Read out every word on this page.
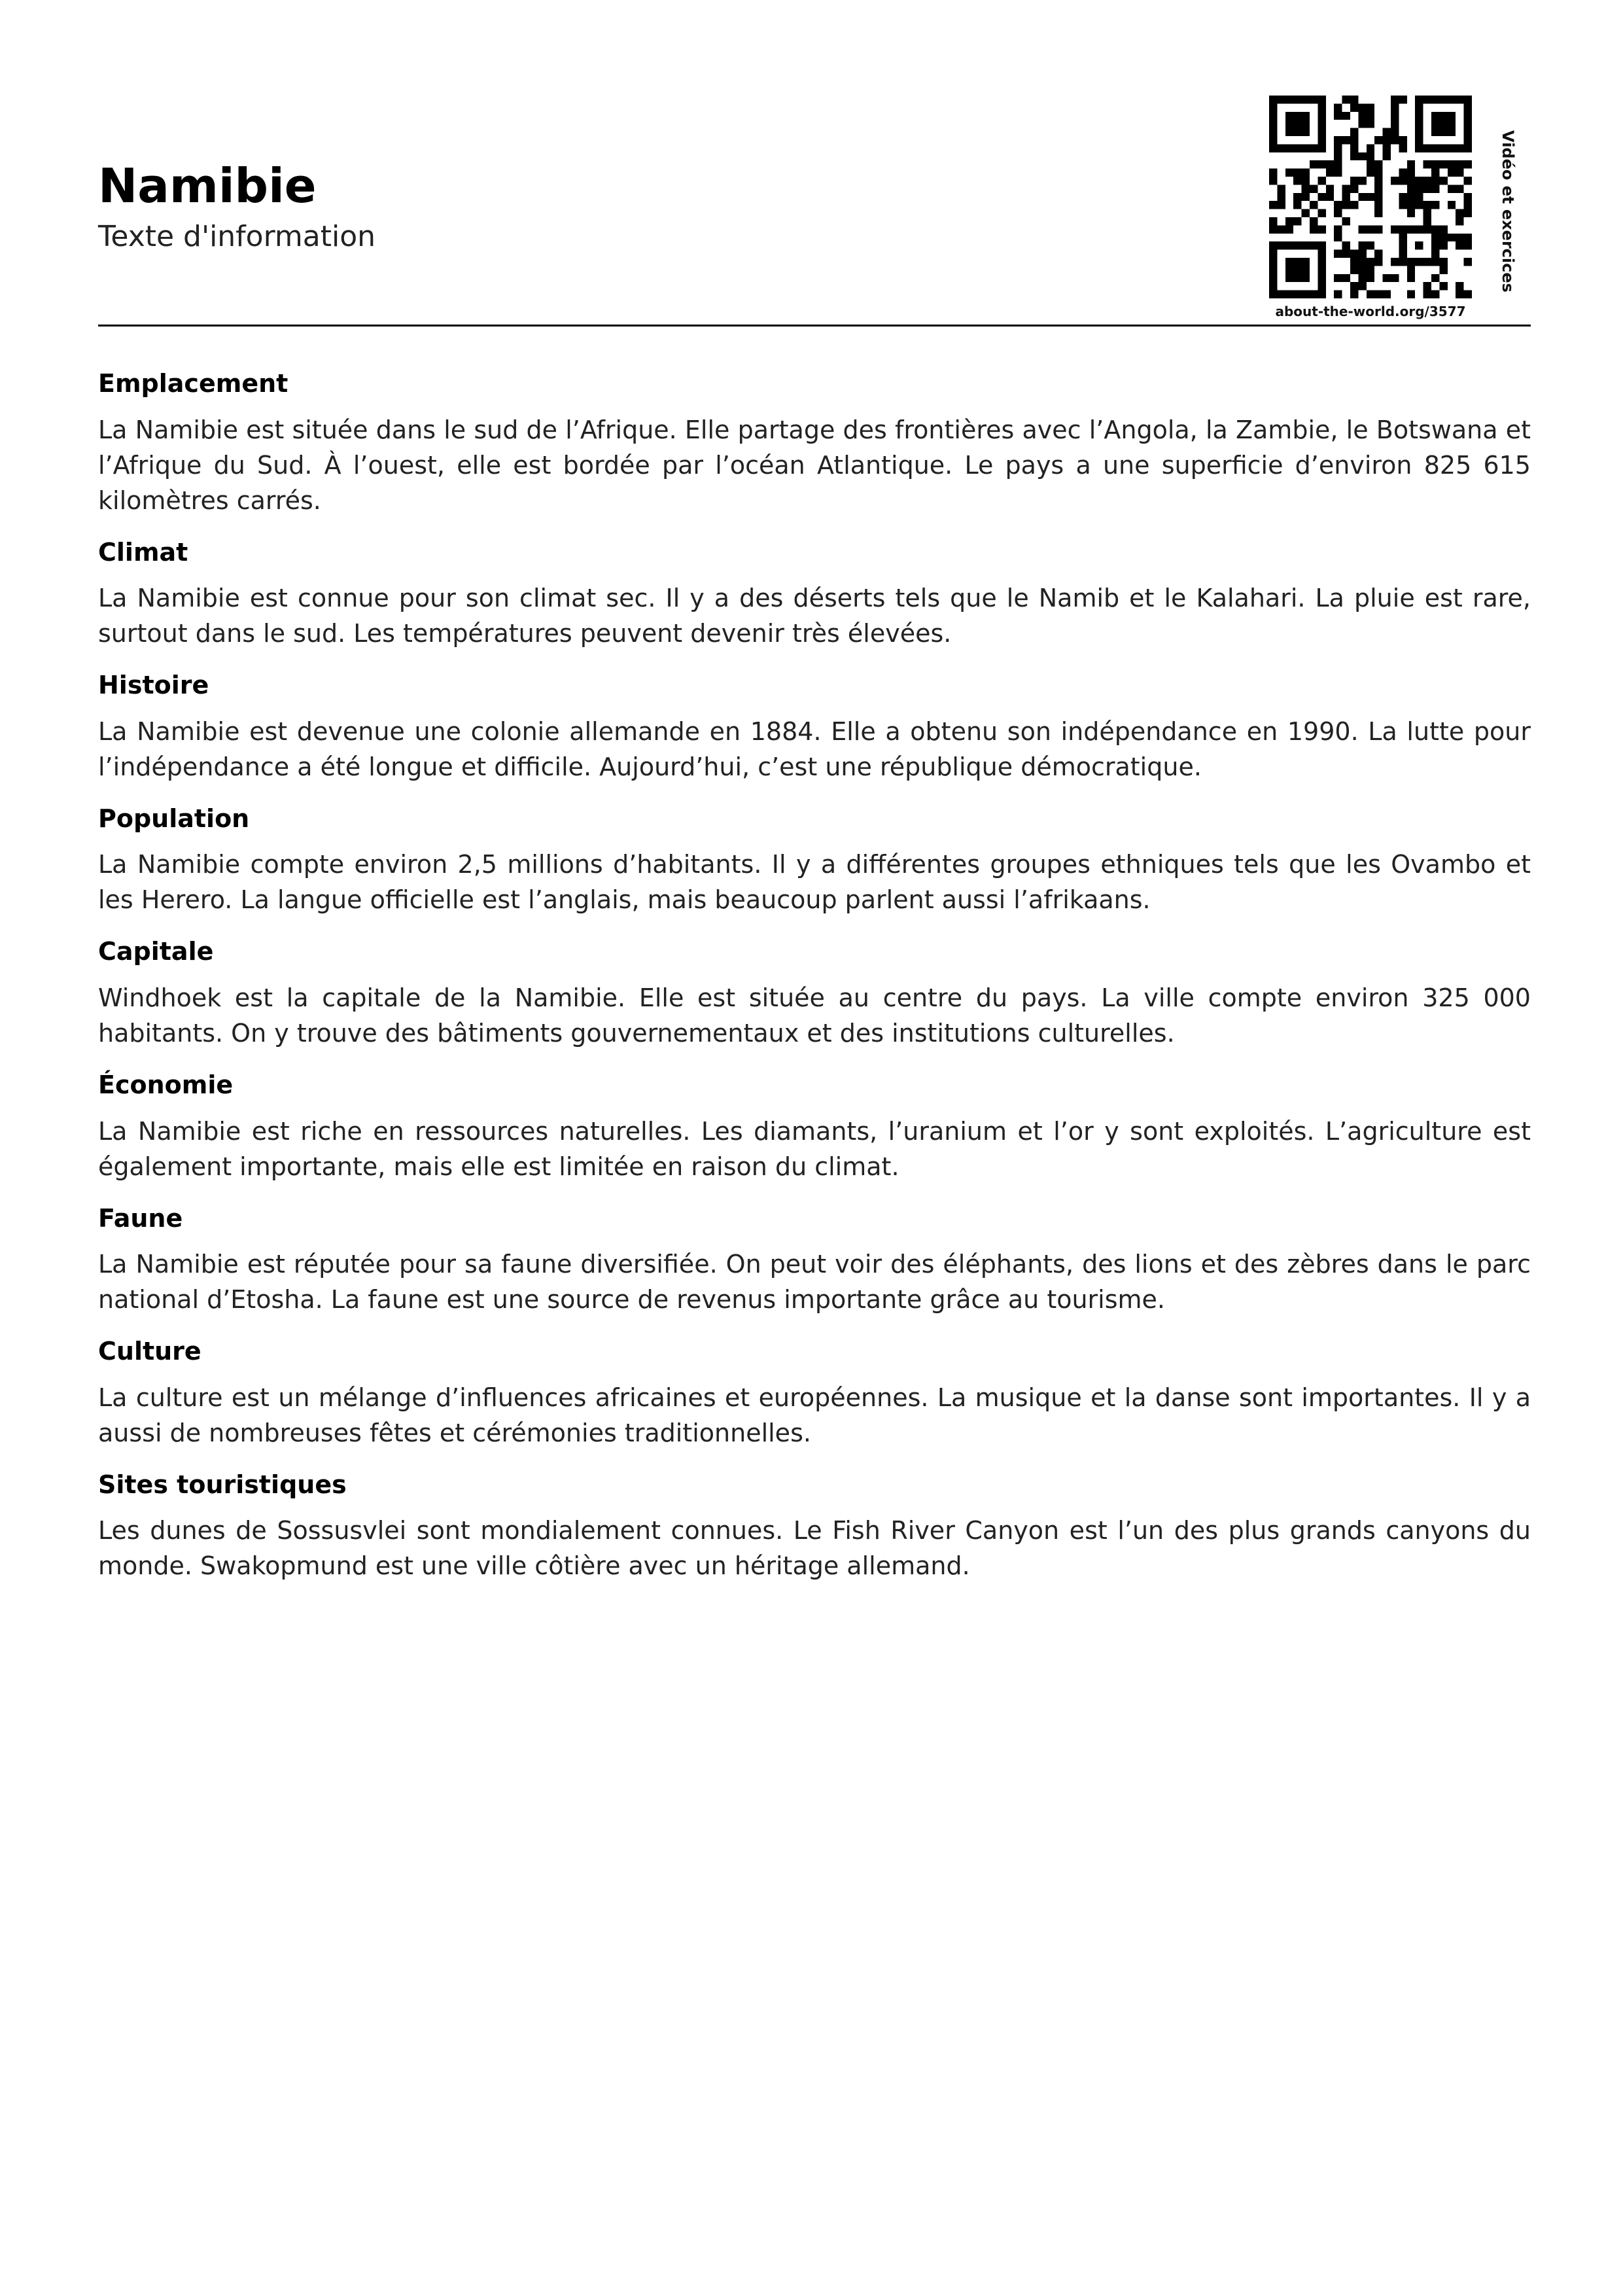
Namibie
Texte d'information
about-the-world.org/3577
Vidéo et exercices
Emplacement

La Namibie est située dans le sud de l’Afrique. Elle partage des frontières avec l’Angola, la Zambie, le Botswana et l’Afrique du Sud. À l’ouest, elle est bordée par l’océan Atlantique. Le pays a une superficie d’environ 825 615 kilomètres carrés.

Climat

La Namibie est connue pour son climat sec. Il y a des déserts tels que le Namib et le Kalahari. La pluie est rare, surtout dans le sud. Les températures peuvent devenir très élevées.

Histoire

La Namibie est devenue une colonie allemande en 1884. Elle a obtenu son indépendance en 1990. La lutte pour l’indépendance a été longue et difficile. Aujourd’hui, c’est une république démocratique.

Population

La Namibie compte environ 2,5 millions d’habitants. Il y a différentes groupes ethniques tels que les Ovambo et les Herero. La langue officielle est l’anglais, mais beaucoup parlent aussi l’afrikaans.

Capitale

Windhoek est la capitale de la Namibie. Elle est située au centre du pays. La ville compte environ 325 000 habitants. On y trouve des bâtiments gouvernementaux et des institutions culturelles.

Économie

La Namibie est riche en ressources naturelles. Les diamants, l’uranium et l’or y sont exploités. L’agriculture est également importante, mais elle est limitée en raison du climat.

Faune

La Namibie est réputée pour sa faune diversifiée. On peut voir des éléphants, des lions et des zèbres dans le parc national d’Etosha. La faune est une source de revenus importante grâce au tourisme.

Culture

La culture est un mélange d’influences africaines et européennes. La musique et la danse sont importantes. Il y a aussi de nombreuses fêtes et cérémonies traditionnelles.

Sites touristiques

Les dunes de Sossusvlei sont mondialement connues. Le Fish River Canyon est l’un des plus grands canyons du monde. Swakopmund est une ville côtière avec un héritage allemand.
